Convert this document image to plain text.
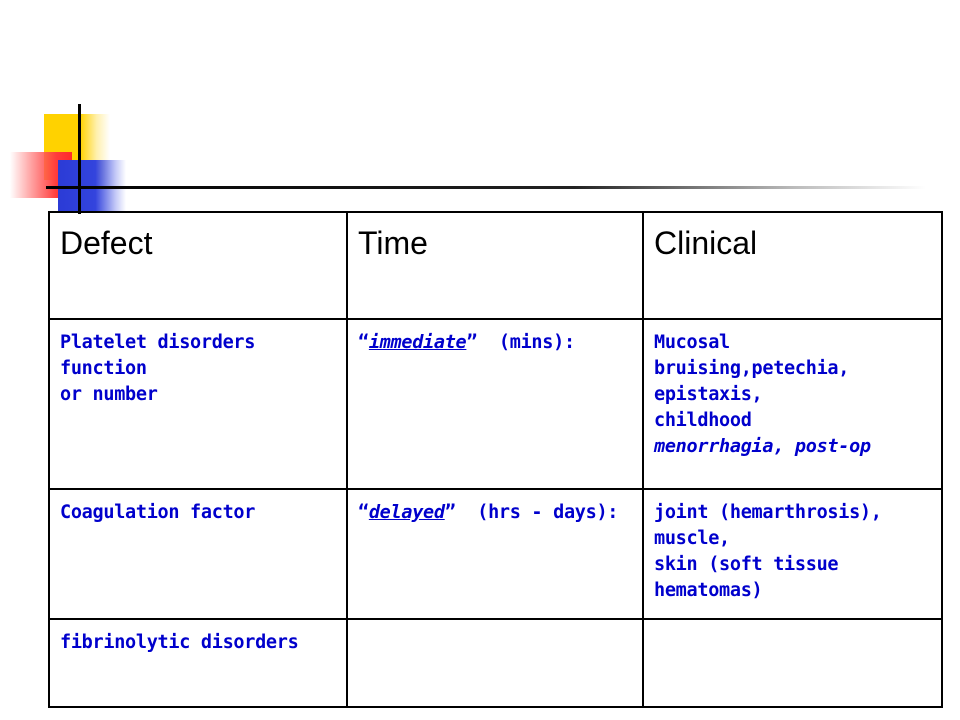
Defect	Time	Clinical

Platelet disorders
function
or number	“immediate”  (mins):	Mucosal
bruising,petechia,
epistaxis,
childhood
menorrhagia, post-op

Coagulation factor	“delayed”  (hrs - days):	joint (hemarthrosis),
muscle,
skin (soft tissue
hematomas)

fibrinolytic disorders		
